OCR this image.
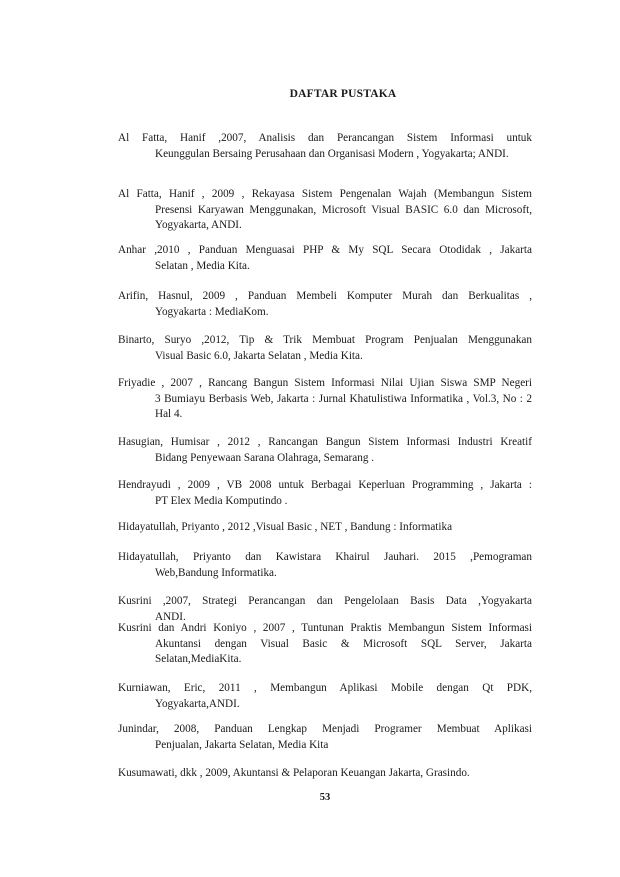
DAFTAR PUSTAKA
Al Fatta, Hanif ,2007, Analisis dan Perancangan Sistem Informasi untuk
Keunggulan Bersaing Perusahaan dan Organisasi Modern , Yogyakarta; ANDI.
Al Fatta, Hanif , 2009 , Rekayasa Sistem Pengenalan Wajah (Membangun Sistem
Presensi Karyawan Menggunakan, Microsoft Visual BASIC 6.0 dan Microsoft, Yogyakarta, ANDI.
Anhar ,2010 , Panduan Menguasai PHP & My SQL Secara Otodidak , Jakarta
Selatan , Media Kita.
Arifin, Hasnul, 2009 , Panduan Membeli Komputer Murah dan Berkualitas ,
Yogyakarta : MediaKom.
Binarto, Suryo ,2012, Tip & Trik Membuat Program Penjualan Menggunakan
Visual Basic 6.0, Jakarta Selatan , Media Kita.
Friyadie , 2007 , Rancang Bangun Sistem Informasi Nilai Ujian Siswa SMP Negeri
3 Bumiayu Berbasis Web, Jakarta : Jurnal Khatulistiwa Informatika , Vol.3, No : 2 Hal 4.
Hasugian, Humisar , 2012 , Rancangan Bangun Sistem Informasi Industri Kreatif
Bidang Penyewaan Sarana Olahraga, Semarang .
Hendrayudi , 2009 , VB 2008 untuk Berbagai Keperluan Programming , Jakarta :
PT Elex Media Komputindo .
Hidayatullah, Priyanto , 2012 ,Visual Basic , NET , Bandung : Informatika
Hidayatullah, Priyanto dan Kawistara Khairul Jauhari. 2015 ,Pemograman
Web,Bandung Informatika.
Kusrini ,2007, Strategi Perancangan dan Pengelolaan Basis Data ,Yogyakarta
ANDI.
Kusrini dan Andri Koniyo , 2007 , Tuntunan Praktis Membangun Sistem Informasi
Akuntansi dengan Visual Basic & Microsoft SQL Server, Jakarta Selatan,MediaKita.
Kurniawan, Eric, 2011 , Membangun Aplikasi Mobile dengan Qt PDK,
Yogyakarta,ANDI.
Junindar, 2008, Panduan Lengkap Menjadi Programer Membuat Aplikasi
Penjualan, Jakarta Selatan, Media Kita
Kusumawati, dkk , 2009, Akuntansi & Pelaporan Keuangan Jakarta, Grasindo.
53
